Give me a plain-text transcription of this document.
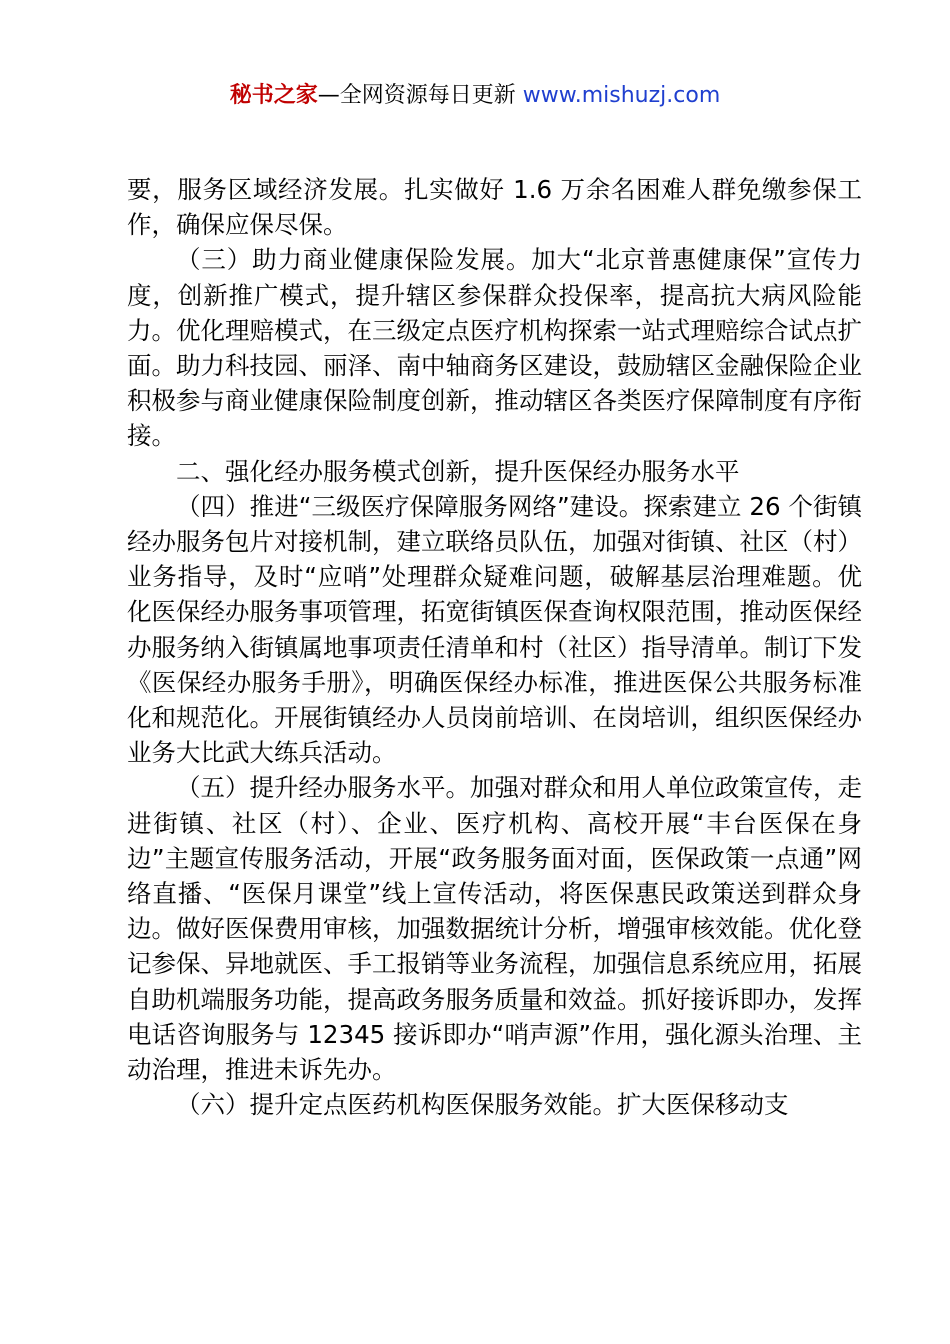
秘书之家—全网资源每日更新 www.mishuzj.com

要，服务区域经济发展。扎实做好 1.6 万余名困难人群免缴参保工作，确保应保尽保。

（三）助力商业健康保险发展。加大“北京普惠健康保”宣传力度，创新推广模式，提升辖区参保群众投保率，提高抗大病风险能力。优化理赔模式，在三级定点医疗机构探索一站式理赔综合试点扩面。助力科技园、丽泽、南中轴商务区建设，鼓励辖区金融保险企业积极参与商业健康保险制度创新，推动辖区各类医疗保障制度有序衔接。

二、强化经办服务模式创新，提升医保经办服务水平

（四）推进“三级医疗保障服务网络”建设。探索建立 26 个街镇经办服务包片对接机制，建立联络员队伍，加强对街镇、社区（村）业务指导，及时“应哨”处理群众疑难问题，破解基层治理难题。优化医保经办服务事项管理，拓宽街镇医保查询权限范围，推动医保经办服务纳入街镇属地事项责任清单和村（社区）指导清单。制订下发《医保经办服务手册》，明确医保经办标准，推进医保公共服务标准化和规范化。开展街镇经办人员岗前培训、在岗培训，组织医保经办业务大比武大练兵活动。

（五）提升经办服务水平。加强对群众和用人单位政策宣传，走进街镇、社区（村）、企业、医疗机构、高校开展“丰台医保在身边”主题宣传服务活动，开展“政务服务面对面，医保政策一点通”网络直播、“医保月课堂”线上宣传活动，将医保惠民政策送到群众身边。做好医保费用审核，加强数据统计分析，增强审核效能。优化登记参保、异地就医、手工报销等业务流程，加强信息系统应用，拓展自助机端服务功能，提高政务服务质量和效益。抓好接诉即办，发挥电话咨询服务与 12345 接诉即办“哨声源”作用，强化源头治理、主动治理，推进未诉先办。

（六）提升定点医药机构医保服务效能。扩大医保移动支
